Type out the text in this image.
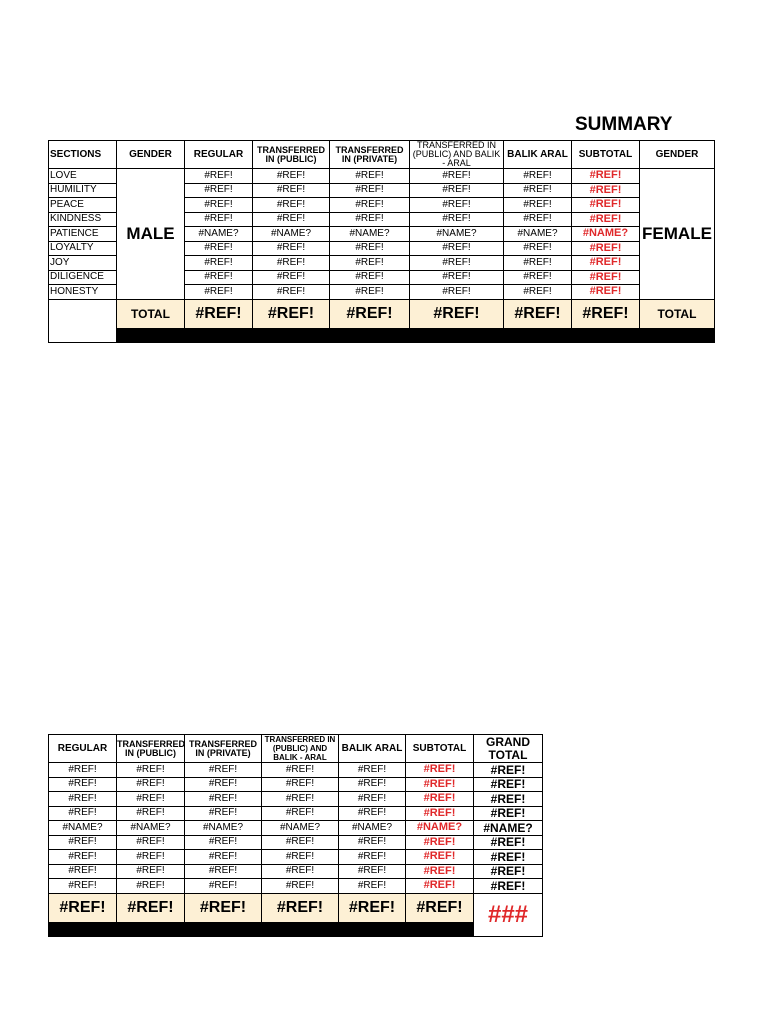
SUMMARY
SECTIONS	GENDER	REGULAR	TRANSFERRED IN (PUBLIC)	TRANSFERRED IN (PRIVATE)	TRANSFERRED IN (PUBLIC) AND BALIK - ARAL	BALIK ARAL	SUBTOTAL	GENDER
LOVE	MALE	#REF!	#REF!	#REF!	#REF!	#REF!	#REF!	FEMALE
HUMILITY		#REF!	#REF!	#REF!	#REF!	#REF!	#REF!	
PEACE		#REF!	#REF!	#REF!	#REF!	#REF!	#REF!	
KINDNESS		#REF!	#REF!	#REF!	#REF!	#REF!	#REF!	
PATIENCE		#NAME?	#NAME?	#NAME?	#NAME?	#NAME?	#NAME?	
LOYALTY		#REF!	#REF!	#REF!	#REF!	#REF!	#REF!	
JOY		#REF!	#REF!	#REF!	#REF!	#REF!	#REF!	
DILIGENCE		#REF!	#REF!	#REF!	#REF!	#REF!	#REF!	
HONESTY		#REF!	#REF!	#REF!	#REF!	#REF!	#REF!	
	TOTAL	#REF!	#REF!	#REF!	#REF!	#REF!	#REF!	TOTAL

REGULAR	TRANSFERRED IN (PUBLIC)	TRANSFERRED IN (PRIVATE)	TRANSFERRED IN (PUBLIC) AND BALIK - ARAL	BALIK ARAL	SUBTOTAL	GRAND TOTAL
#REF!	#REF!	#REF!	#REF!	#REF!	#REF!	#REF!
#REF!	#REF!	#REF!	#REF!	#REF!	#REF!	#REF!
#REF!	#REF!	#REF!	#REF!	#REF!	#REF!	#REF!
#REF!	#REF!	#REF!	#REF!	#REF!	#REF!	#REF!
#NAME?	#NAME?	#NAME?	#NAME?	#NAME?	#NAME?	#NAME?
#REF!	#REF!	#REF!	#REF!	#REF!	#REF!	#REF!
#REF!	#REF!	#REF!	#REF!	#REF!	#REF!	#REF!
#REF!	#REF!	#REF!	#REF!	#REF!	#REF!	#REF!
#REF!	#REF!	#REF!	#REF!	#REF!	#REF!	#REF!
#REF!	#REF!	#REF!	#REF!	#REF!	#REF!	###
